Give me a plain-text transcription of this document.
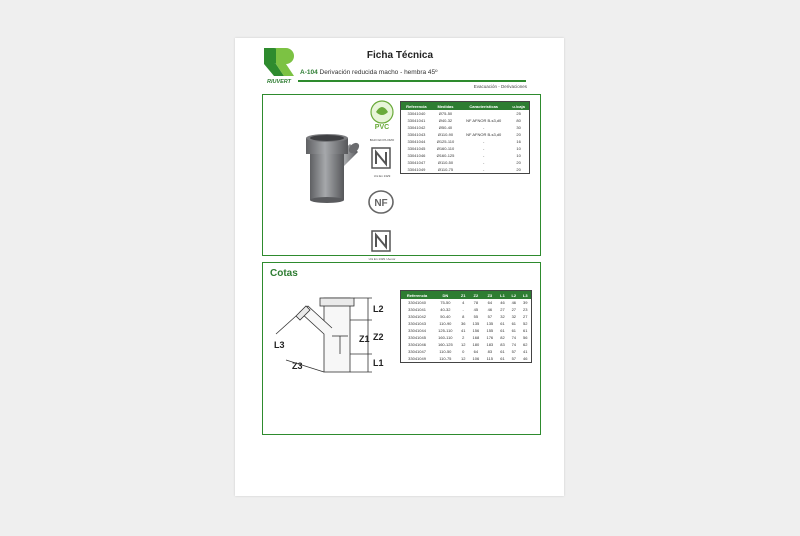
RIUVERT
Ficha Técnica
A-104 Derivación reducida macho - hembra 45º
Evacuación - Derivaciones
PVC
BAJO EN PLOMO
Uni En 1329
NF

Uni En 1329 / Aenor
Referencia	Medidas	Características	u./caja
33041040	Ø75-50		25
33041041	Ø40-32	NF AFNOR B-s3,d0	80
33041042	Ø50-40	-	30
33041043	Ø110-90	NF AFNOR B-s3,d0	20
33041044	Ø125-110	-	16
33041045	Ø160-110	-	10
33041046	Ø160-125	-	10
33041047	Ø110-50	-	20
33041049	Ø110-75	-	20
Cotas
L2
Z2
Z1
L1
L3
Z3
Referencia	DN	Z1	Z2	Z3	L1	L2	L3
33041040	75-50	4	78	64	46	46	39
33041041	40-32	-	45	46	27	27	23
33041042	50-40	8	55	57	32	32	27
33041043	110-90	36	135	135	61	61	52
33041044	125-110	41	156	155	61	61	61
33041045	160-110	2	168	176	82	74	56
33041046	160-125	12	180	183	83	74	62
33041047	110-50	0	64	83	61	57	41
33041049	110-75	12	106	115	61	57	46
